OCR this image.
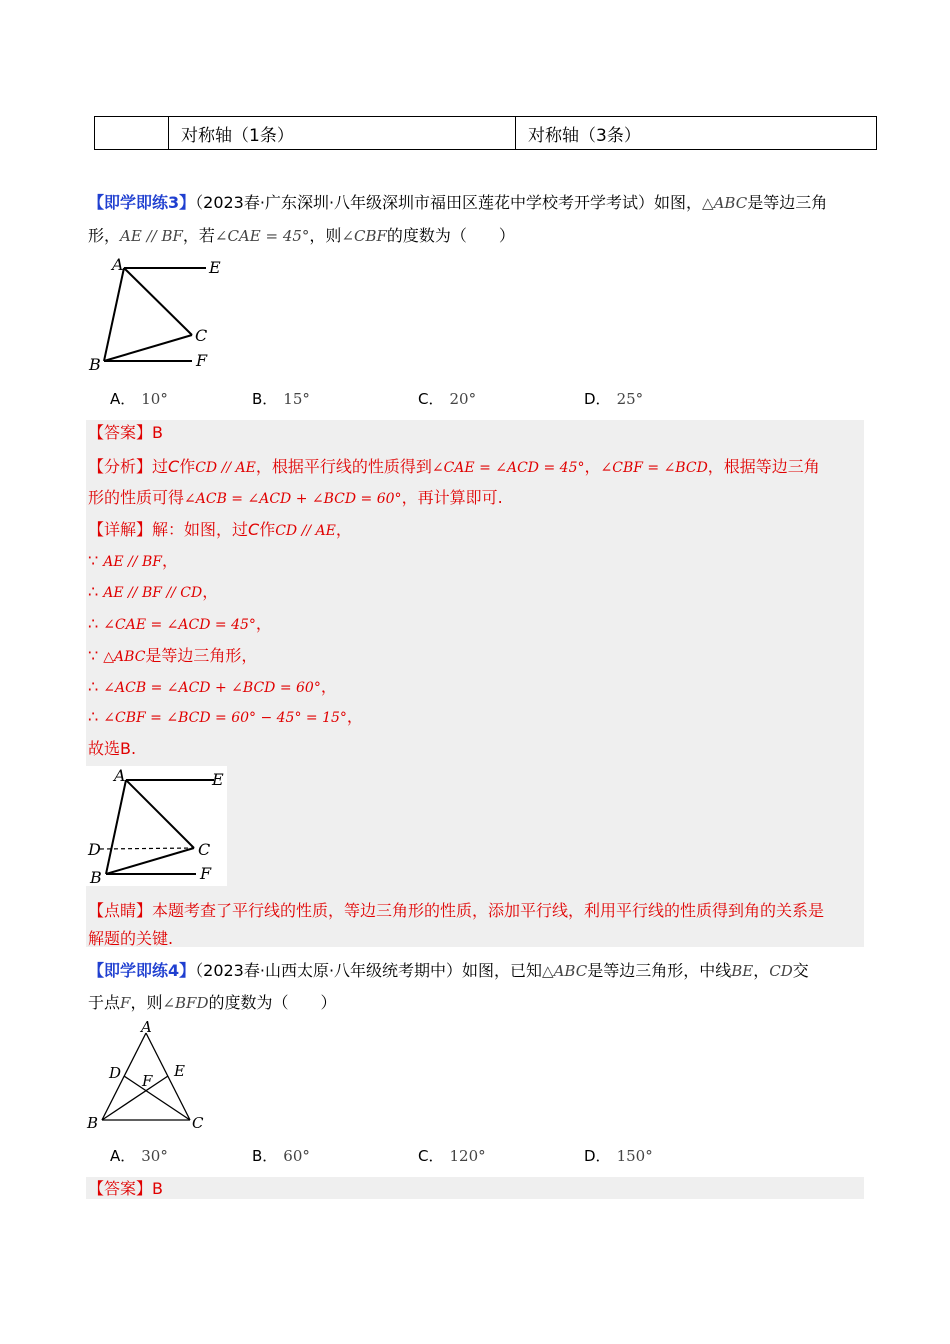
对称轴（1条）	对称轴（3条）
【即学即练3】（2023春·广东深圳·八年级深圳市福田区莲花中学校考开学考试）如图，△ABC是等边三角
形，AE // BF，若∠CAE = 45°，则∠CBF的度数为（　　）
A	E
C
B	F
A． 10°	B． 15°	C． 20°	D． 25°
【答案】B
【分析】过C作CD // AE，根据平行线的性质得到∠CAE = ∠ACD = 45°，∠CBF = ∠BCD，根据等边三角
形的性质可得∠ACB = ∠ACD + ∠BCD = 60°，再计算即可.
【详解】解：如图，过C作CD // AE，
∵ AE // BF，
∴ AE // BF // CD，
∴ ∠CAE = ∠ACD = 45°，
∵ △ABC是等边三角形，
∴ ∠ACB = ∠ACD + ∠BCD = 60°，
∴ ∠CBF = ∠BCD = 60° − 45° = 15°，
故选B.
A	E
D	C
B	F
【点睛】本题考查了平行线的性质，等边三角形的性质，添加平行线，利用平行线的性质得到角的关系是
解题的关键.
【即学即练4】（2023春·山西太原·八年级统考期中）如图，已知△ABC是等边三角形，中线BE，CD交
于点F，则∠BFD的度数为（　　）
A
D F
E
B	C
A． 30°	B． 60°	C． 120°	D． 150°
【答案】B
